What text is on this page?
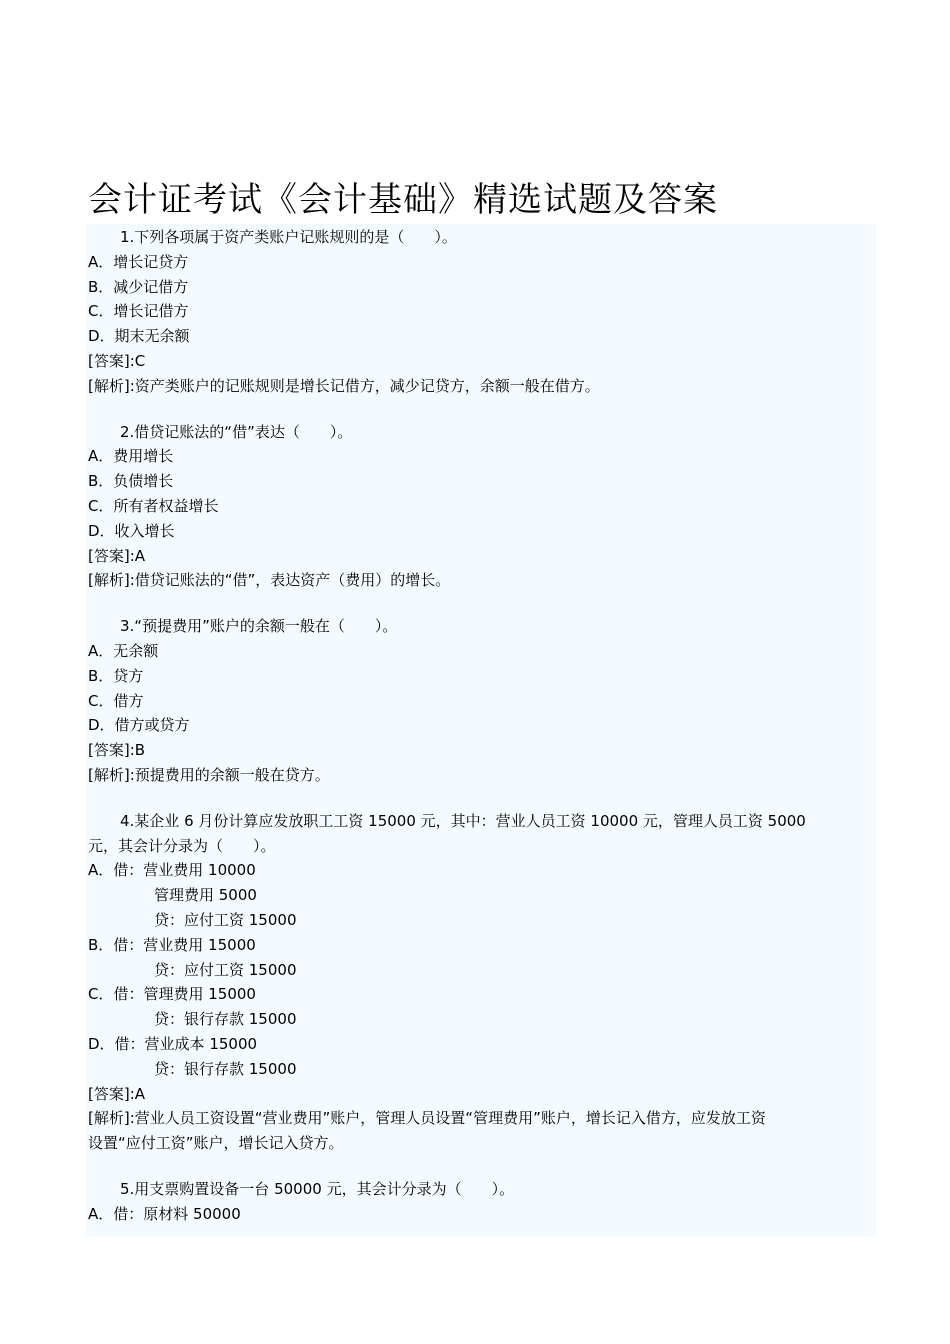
会计证考试《会计基础》精选试题及答案
1.下列各项属于资产类账户记账规则的是（　　）。
A．增长记贷方
B．减少记借方
C．增长记借方
D．期末无余额
[答案]:C
[解析]:资产类账户的记账规则是增长记借方，减少记贷方，余额一般在借方。
2.借贷记账法的“借”表达（　　）。
A．费用增长
B．负债增长
C．所有者权益增长
D．收入增长
[答案]:A
[解析]:借贷记账法的“借”，表达资产（费用）的增长。
3.“预提费用”账户的余额一般在（　　）。
A．无余额
B．贷方
C．借方
D．借方或贷方
[答案]:B
[解析]:预提费用的余额一般在贷方。
4.某企业 6 月份计算应发放职工工资 15000 元，其中：营业人员工资 10000 元，管理人员工资 5000
元，其会计分录为（　　）。
A．借：营业费用 10000
管理费用 5000
贷：应付工资 15000
B．借：营业费用 15000
贷：应付工资 15000
C．借：管理费用 15000
贷：银行存款 15000
D．借：营业成本 15000
贷：银行存款 15000
[答案]:A
[解析]:营业人员工资设置“营业费用”账户，管理人员设置“管理费用”账户，增长记入借方，应发放工资
设置“应付工资”账户，增长记入贷方。
5.用支票购置设备一台 50000 元，其会计分录为（　　）。
A．借：原材料 50000
